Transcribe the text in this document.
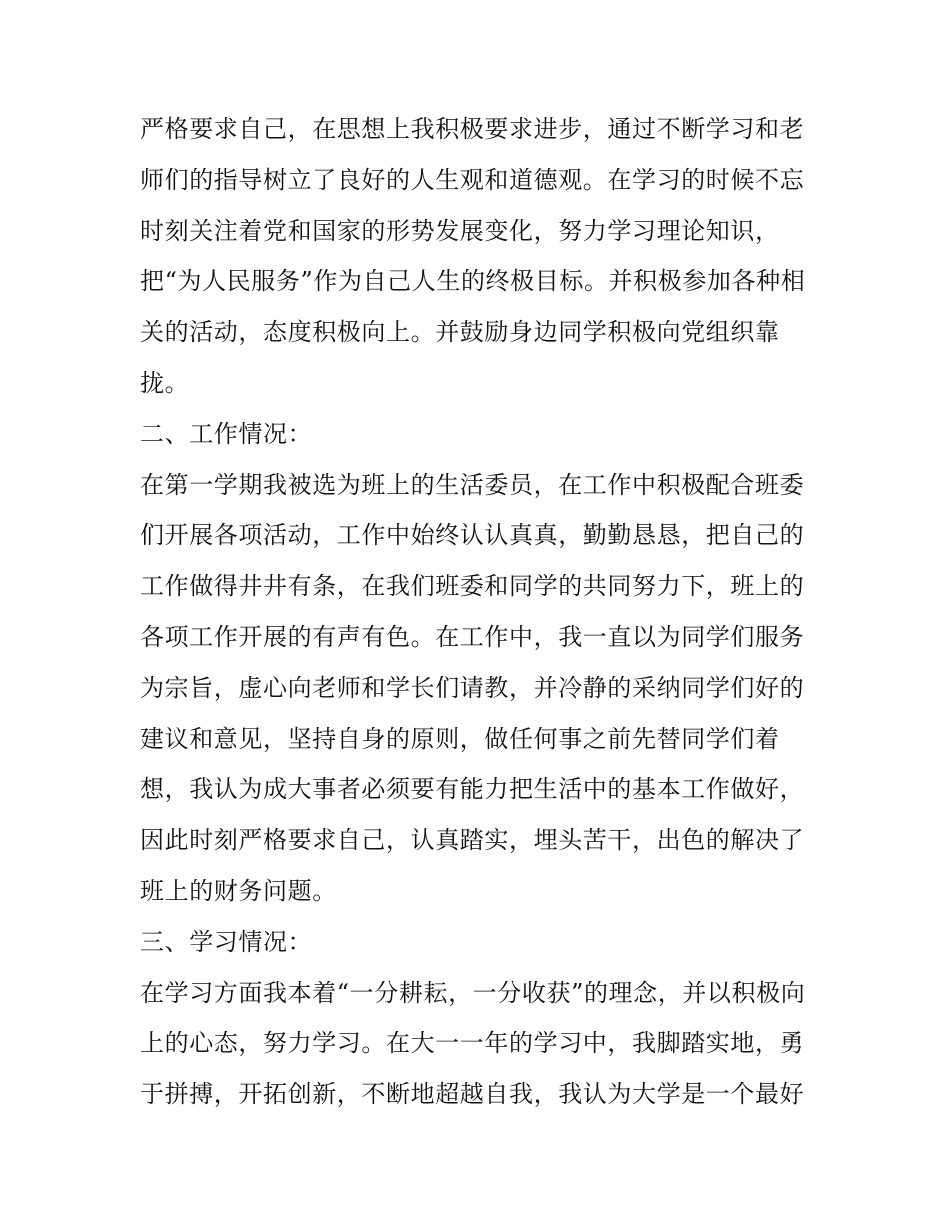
严格要求自己，在思想上我积极要求进步，通过不断学习和老
师们的指导树立了良好的人生观和道德观。在学习的时候不忘
时刻关注着党和国家的形势发展变化，努力学习理论知识，
把“为人民服务”作为自己人生的终极目标。并积极参加各种相
关的活动，态度积极向上。并鼓励身边同学积极向党组织靠
拢。
二、工作情况：
在第一学期我被选为班上的生活委员，在工作中积极配合班委
们开展各项活动，工作中始终认认真真，勤勤恳恳，把自己的
工作做得井井有条，在我们班委和同学的共同努力下，班上的
各项工作开展的有声有色。在工作中，我一直以为同学们服务
为宗旨，虚心向老师和学长们请教，并冷静的采纳同学们好的
建议和意见，坚持自身的原则，做任何事之前先替同学们着
想，我认为成大事者必须要有能力把生活中的基本工作做好，
因此时刻严格要求自己，认真踏实，埋头苦干，出色的解决了
班上的财务问题。
三、学习情况：
在学习方面我本着“一分耕耘，一分收获”的理念，并以积极向
上的心态，努力学习。在大一一年的学习中，我脚踏实地，勇
于拼搏，开拓创新，不断地超越自我，我认为大学是一个最好
